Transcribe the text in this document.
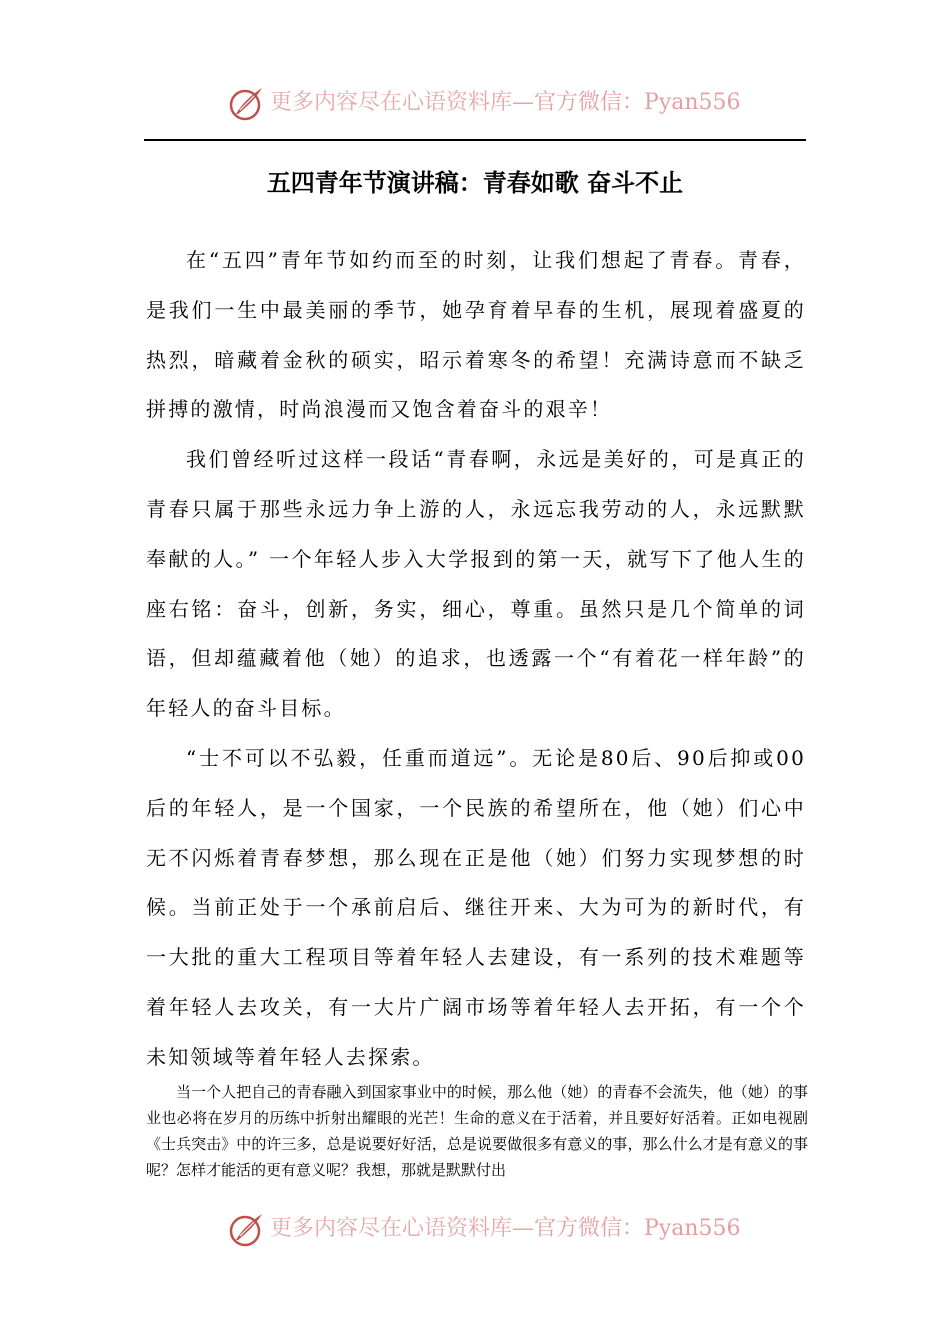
更多内容尽在心语资料库—官方微信：Pyan556
五四青年节演讲稿：青春如歌 奋斗不止

在“五四”青年节如约而至的时刻，让我们想起了青春。青春，是我们一生中最美丽的季节，她孕育着早春的生机，展现着盛夏的热烈，暗藏着金秋的硕实，昭示着寒冬的希望！充满诗意而不缺乏拼搏的激情，时尚浪漫而又饱含着奋斗的艰辛！

我们曾经听过这样一段话“青春啊，永远是美好的，可是真正的青春只属于那些永远力争上游的人，永远忘我劳动的人，永远默默奉献的人。” 一个年轻人步入大学报到的第一天，就写下了他人生的座右铭：奋斗，创新，务实，细心，尊重。虽然只是几个简单的词语，但却蕴藏着他（她）的追求，也透露一个“有着花一样年龄”的年轻人的奋斗目标。

“士不可以不弘毅，任重而道远”。无论是80后、90后抑或00后的年轻人，是一个国家，一个民族的希望所在，他（她）们心中无不闪烁着青春梦想，那么现在正是他（她）们努力实现梦想的时候。当前正处于一个承前启后、继往开来、大为可为的新时代，有一大批的重大工程项目等着年轻人去建设，有一系列的技术难题等着年轻人去攻关，有一大片广阔市场等着年轻人去开拓，有一个个未知领域等着年轻人去探索。

当一个人把自己的青春融入到国家事业中的时候，那么他（她）的青春不会流失，他（她）的事业也必将在岁月的历练中折射出耀眼的光芒！生命的意义在于活着，并且要好好活着。正如电视剧《士兵突击》中的许三多，总是说要好好活，总是说要做很多有意义的事，那么什么才是有意义的事呢？怎样才能活的更有意义呢？我想，那就是默默付出

更多内容尽在心语资料库—官方微信：Pyan556
